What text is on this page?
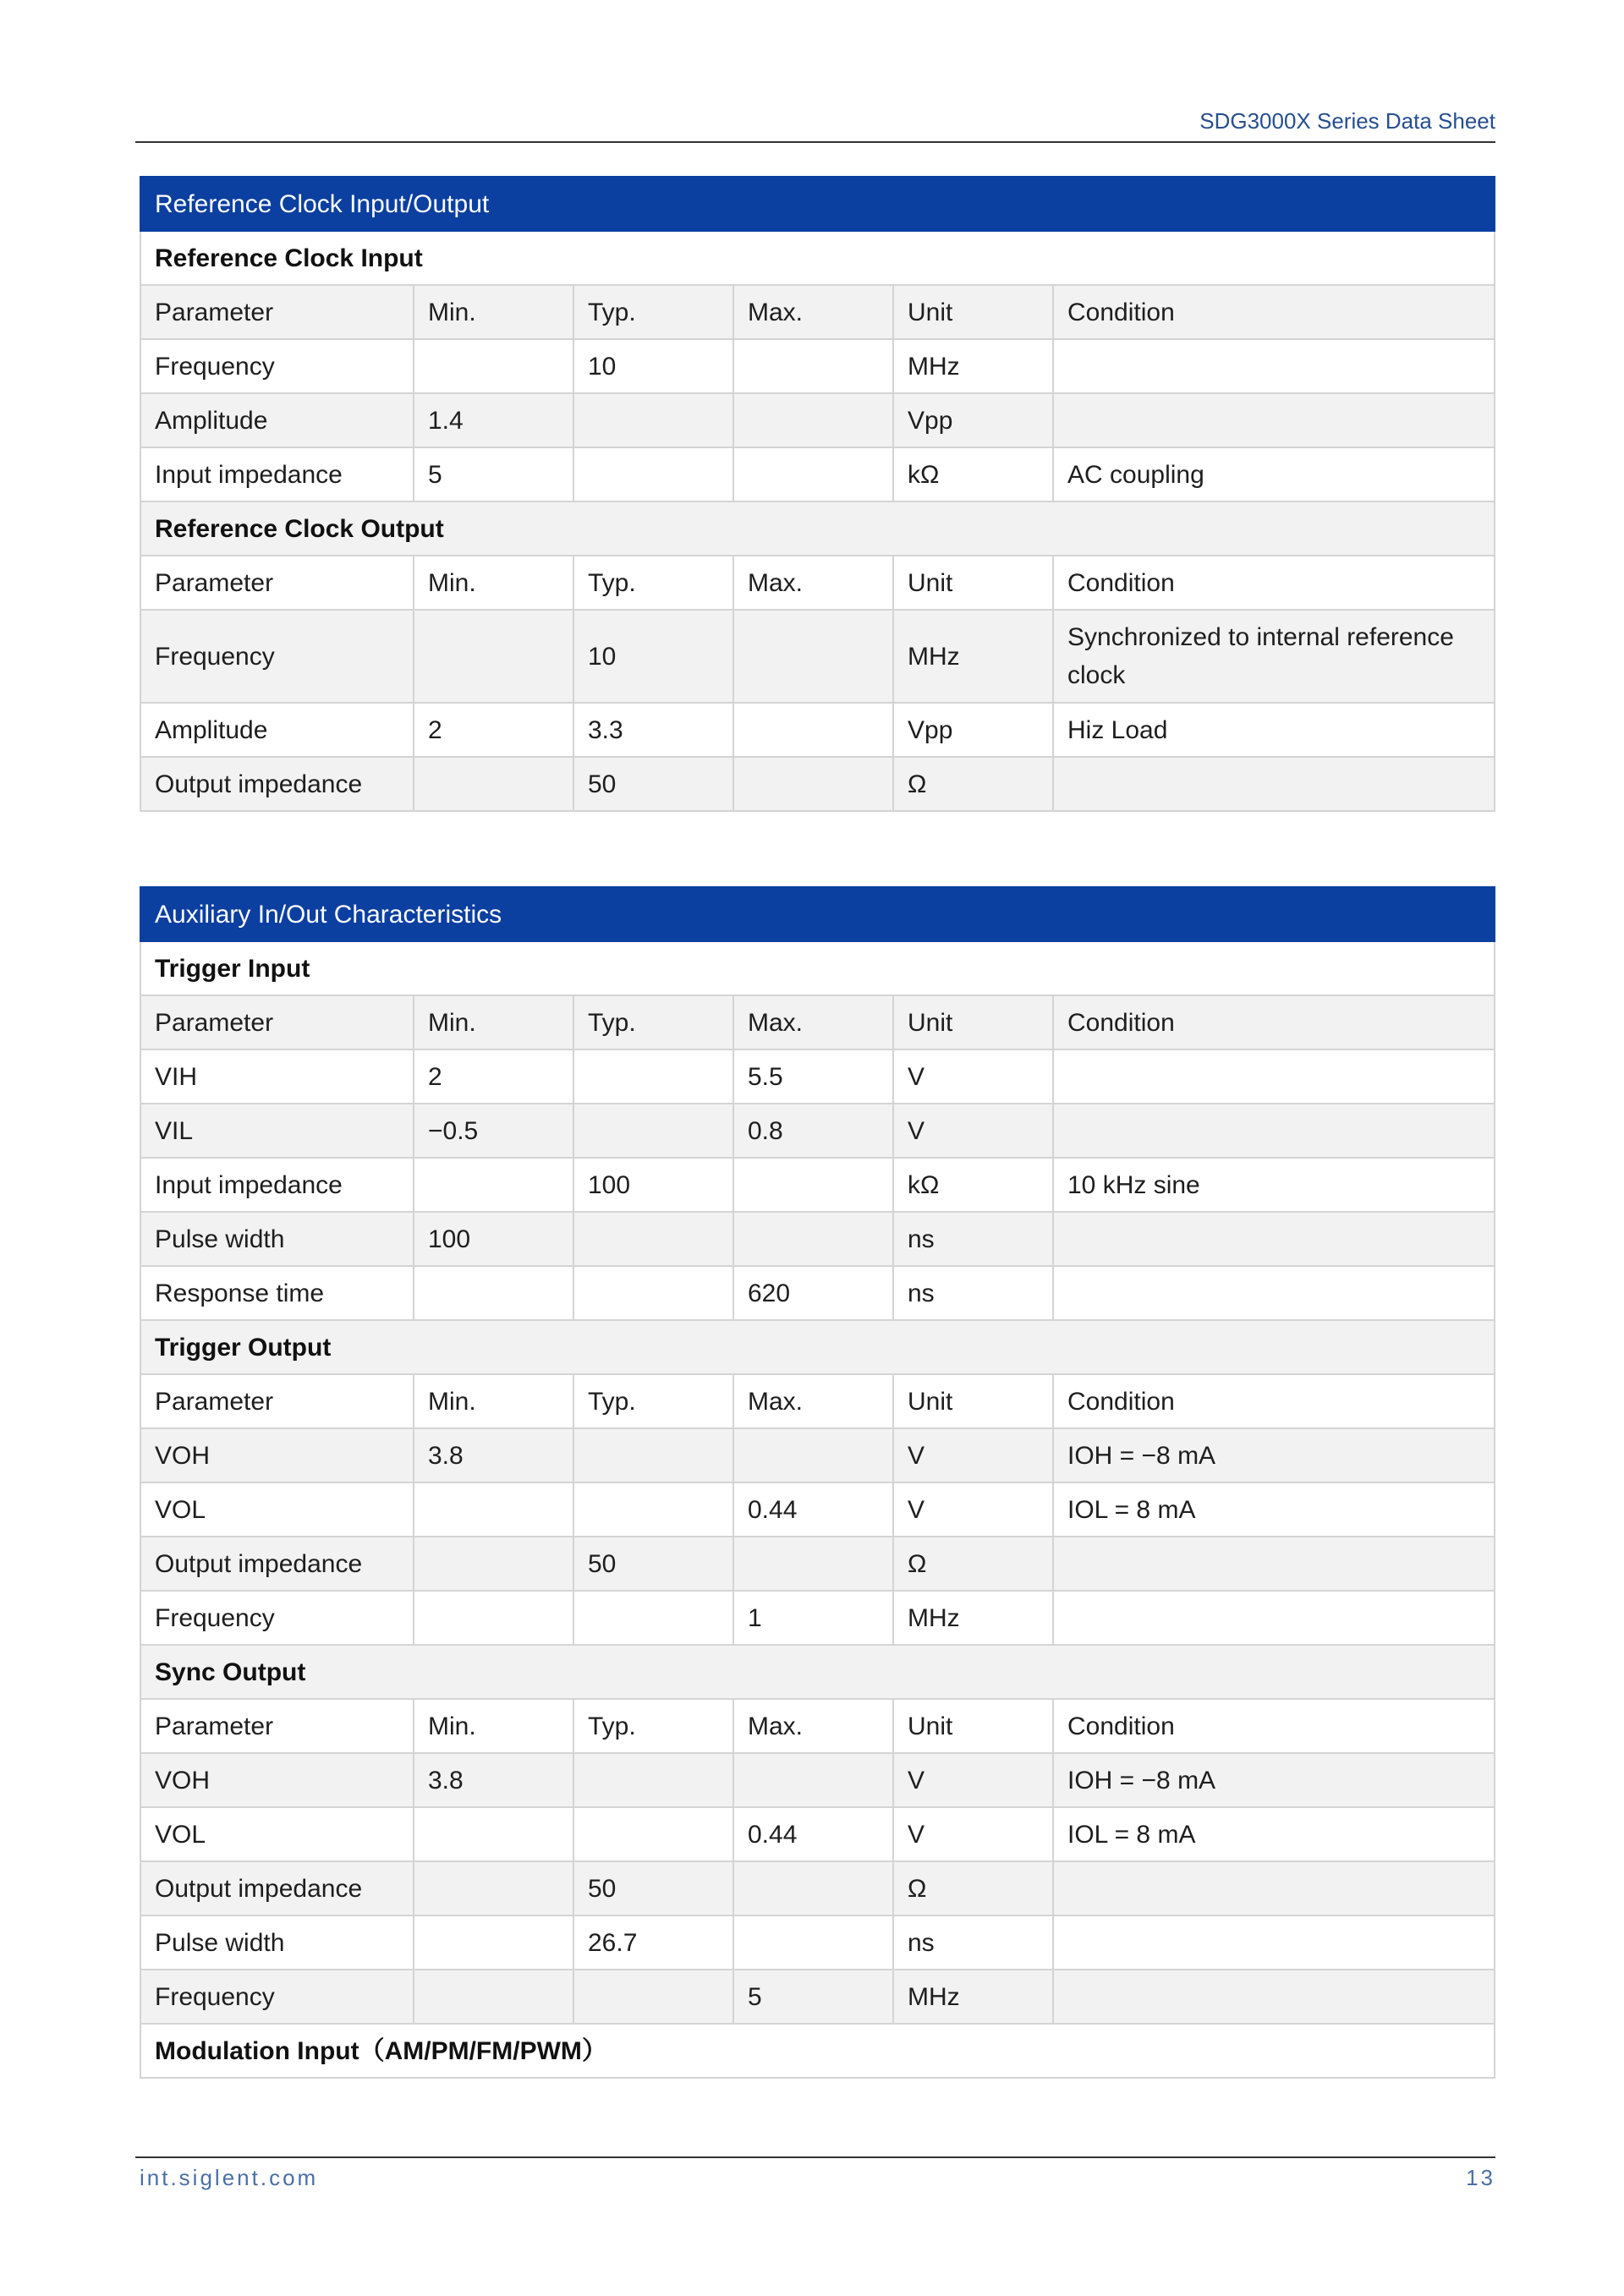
SDG3000X Series Data Sheet
Reference Clock Input/Output					
Reference Clock Input					
Parameter	Min.	Typ.	Max.	Unit	Condition
Frequency		10		MHz	
Amplitude	1.4			Vpp	
Input impedance	5			kΩ	AC coupling
Reference Clock Output					
Parameter	Min.	Typ.	Max.	Unit	Condition
Frequency		10		MHz	Synchronized to internal reference clock
Amplitude	2	3.3		Vpp	Hiz Load
Output impedance		50		Ω	
Auxiliary In/Out Characteristics					
Trigger Input					
Parameter	Min.	Typ.	Max.	Unit	Condition
VIH	2		5.5	V	
VIL	−0.5		0.8	V	
Input impedance		100		kΩ	10 kHz sine
Pulse width	100			ns	
Response time			620	ns	
Trigger Output					
Parameter	Min.	Typ.	Max.	Unit	Condition
VOH	3.8			V	IOH = −8 mA
VOL			0.44	V	IOL = 8 mA
Output impedance		50		Ω	
Frequency			1	MHz	
Sync Output					
Parameter	Min.	Typ.	Max.	Unit	Condition
VOH	3.8			V	IOH = −8 mA
VOL			0.44	V	IOL = 8 mA
Output impedance		50		Ω	
Pulse width		26.7		ns	
Frequency			5	MHz	
Modulation Input（AM/PM/FM/PWM）					
int.siglent.com	13
